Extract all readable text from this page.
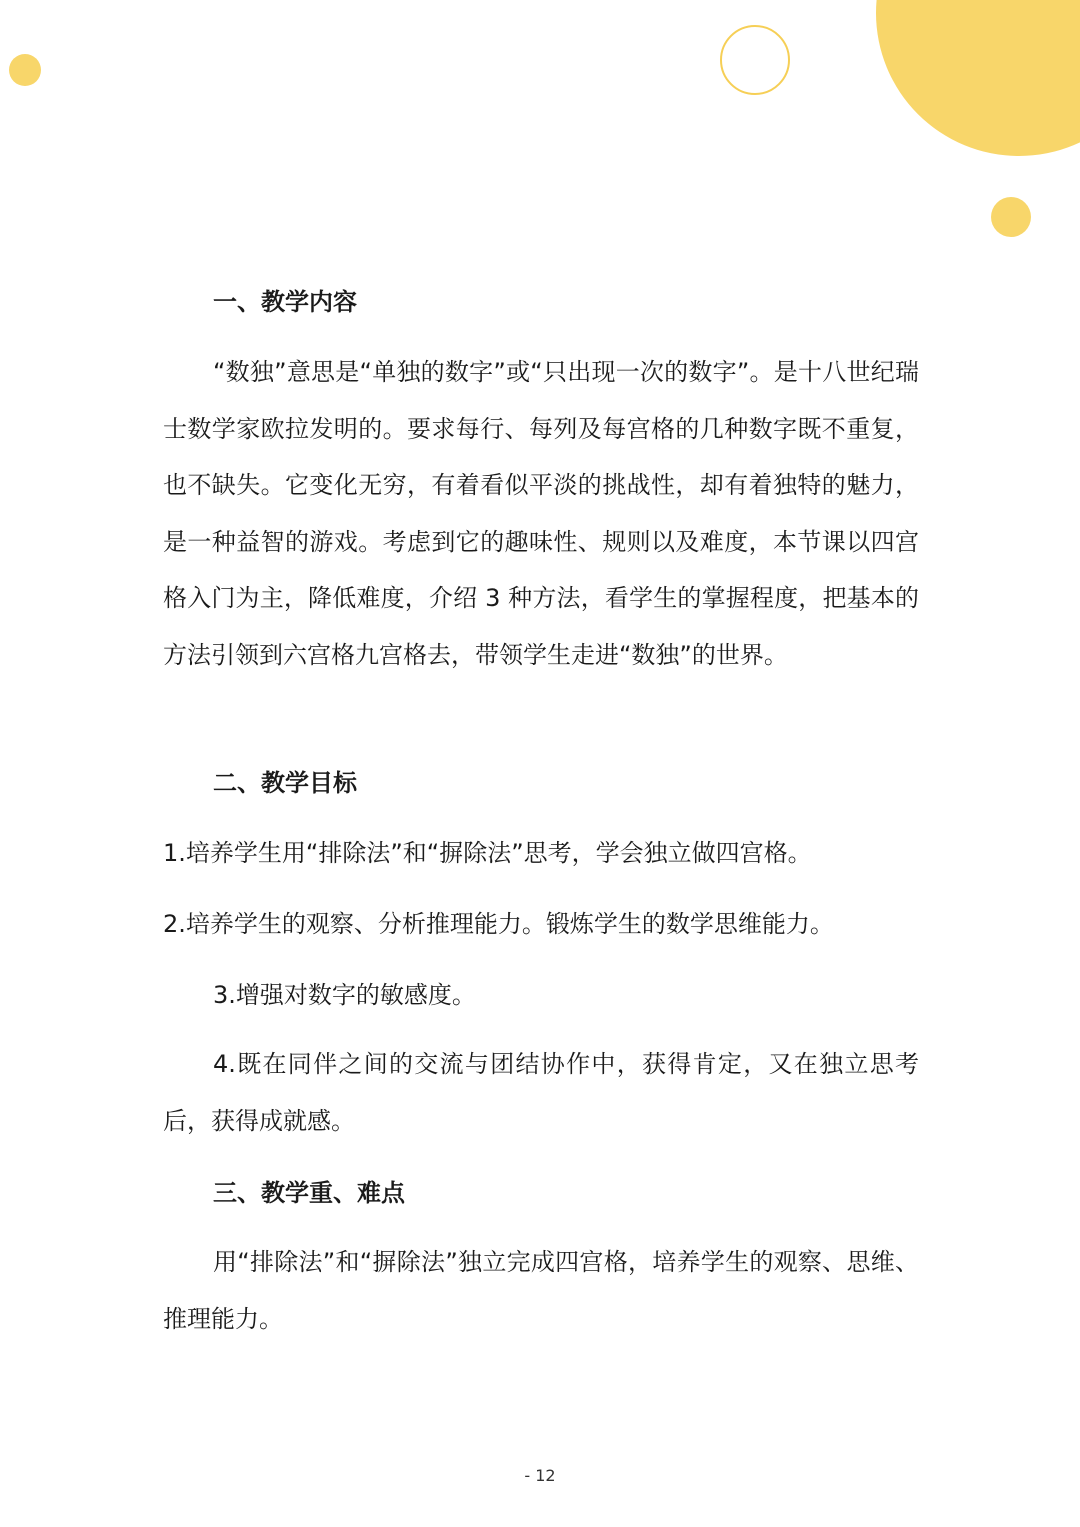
一、教学内容
“数独”意思是“单独的数字”或“只出现一次的数字”。是十八世纪瑞士数学家欧拉发明的。要求每行、每列及每宫格的几种数字既不重复，也不缺失。它变化无穷，有着看似平淡的挑战性，却有着独特的魅力，是一种益智的游戏。考虑到它的趣味性、规则以及难度，本节课以四宫格入门为主，降低难度，介绍 3 种方法，看学生的掌握程度，把基本的方法引领到六宫格九宫格去，带领学生走进“数独”的世界。
二、教学目标
1.培养学生用“排除法”和“摒除法”思考，学会独立做四宫格。
2.培养学生的观察、分析推理能力。锻炼学生的数学思维能力。
3.增强对数字的敏感度。
4.既在同伴之间的交流与团结协作中，获得肯定，又在独立思考后，获得成就感。
三、教学重、难点
用“排除法”和“摒除法”独立完成四宫格，培养学生的观察、思维、推理能力。
- 12
